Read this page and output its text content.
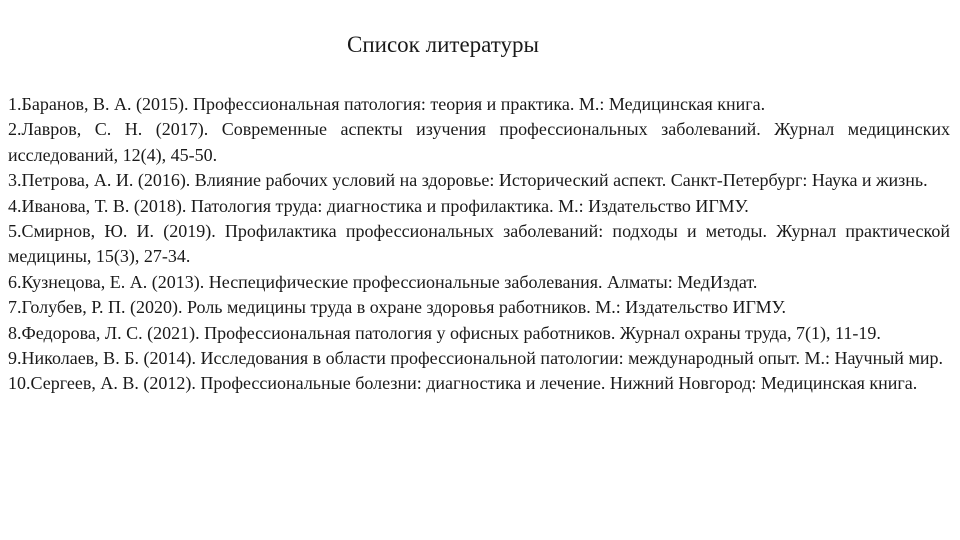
Список литературы
1.Баранов, В. А. (2015). Профессиональная патология: теория и практика. М.: Медицинская книга.
2.Лавров, С. Н. (2017). Современные аспекты изучения профессиональных заболеваний. Журнал медицинских исследований, 12(4), 45-50.
3.Петрова, А. И. (2016). Влияние рабочих условий на здоровье: Исторический аспект. Санкт-Петербург: Наука и жизнь.
4.Иванова, Т. В. (2018). Патология труда: диагностика и профилактика. М.: Издательство ИГМУ.
5.Смирнов, Ю. И. (2019). Профилактика профессиональных заболеваний: подходы и методы. Журнал практической медицины, 15(3), 27-34.
6.Кузнецова, Е. А. (2013). Неспецифические профессиональные заболевания. Алматы: МедИздат.
7.Голубев, Р. П. (2020). Роль медицины труда в охране здоровья работников. М.: Издательство ИГМУ.
8.Федорова, Л. С. (2021). Профессиональная патология у офисных работников. Журнал охраны труда, 7(1), 11-19.
9.Николаев, В. Б. (2014). Исследования в области профессиональной патологии: международный опыт. М.: Научный мир.
10.Сергеев, А. В. (2012). Профессиональные болезни: диагностика и лечение. Нижний Новгород: Медицинская книга.
